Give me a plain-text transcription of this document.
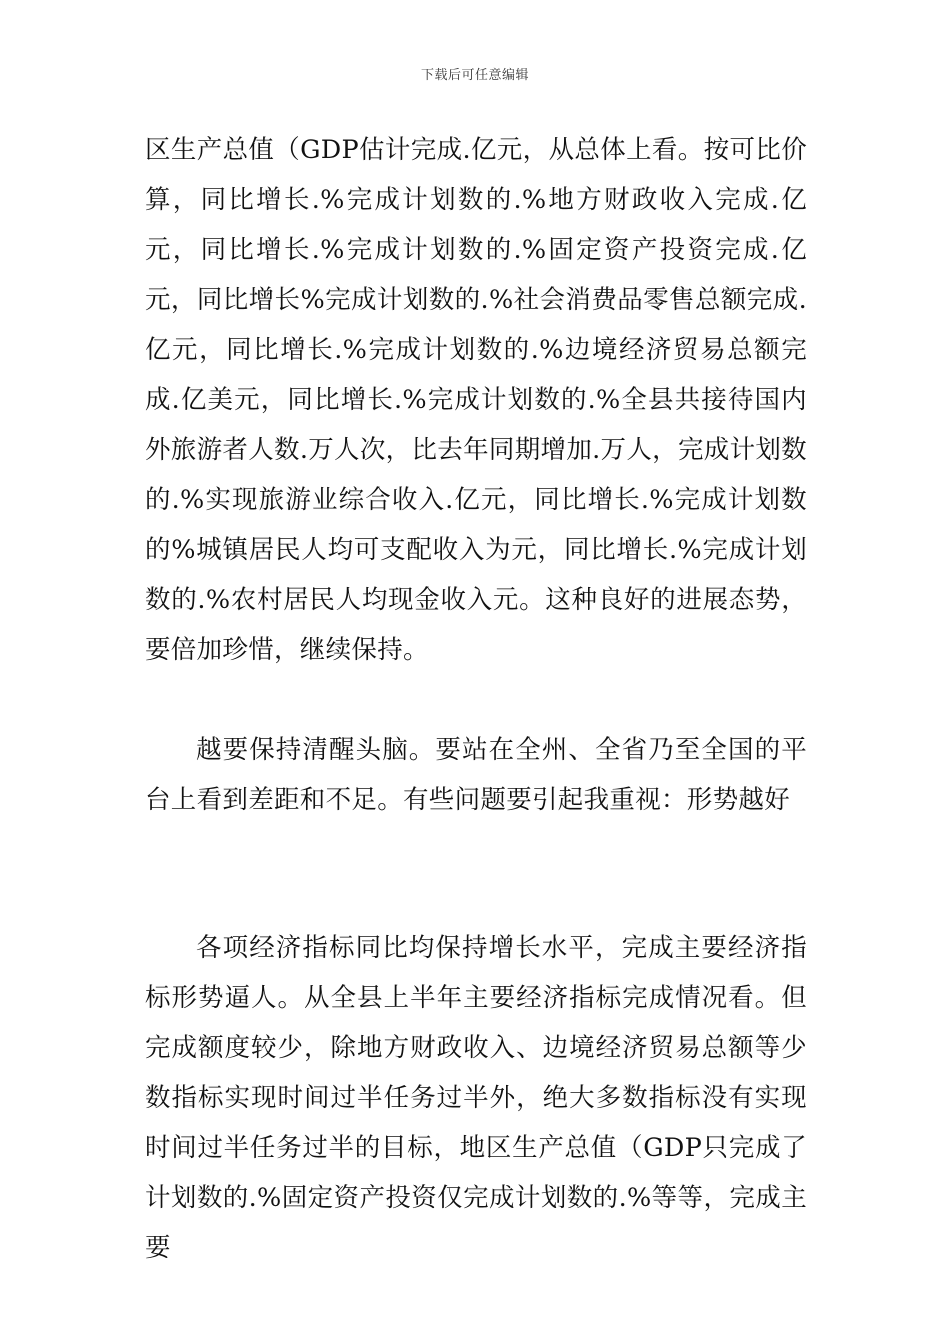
下载后可任意编辑

区生产总值（GDP估计完成.亿元，从总体上看。按可比价算，同比增长.%完成计划数的.%地方财政收入完成.亿元，同比增长.%完成计划数的.%固定资产投资完成.亿元，同比增长%完成计划数的.%社会消费品零售总额完成.亿元，同比增长.%完成计划数的.%边境经济贸易总额完成.亿美元，同比增长.%完成计划数的.%全县共接待国内外旅游者人数.万人次，比去年同期增加.万人，完成计划数的.%实现旅游业综合收入.亿元，同比增长.%完成计划数的%城镇居民人均可支配收入为元，同比增长.%完成计划数的.%农村居民人均现金收入元。这种良好的进展态势，要倍加珍惜，继续保持。

越要保持清醒头脑。要站在全州、全省乃至全国的平台上看到差距和不足。有些问题要引起我重视：形势越好

各项经济指标同比均保持增长水平，完成主要经济指标形势逼人。从全县上半年主要经济指标完成情况看。但完成额度较少，除地方财政收入、边境经济贸易总额等少数指标实现时间过半任务过半外，绝大多数指标没有实现时间过半任务过半的目标，地区生产总值（GDP只完成了计划数的.%固定资产投资仅完成计划数的.%等等，完成主要
